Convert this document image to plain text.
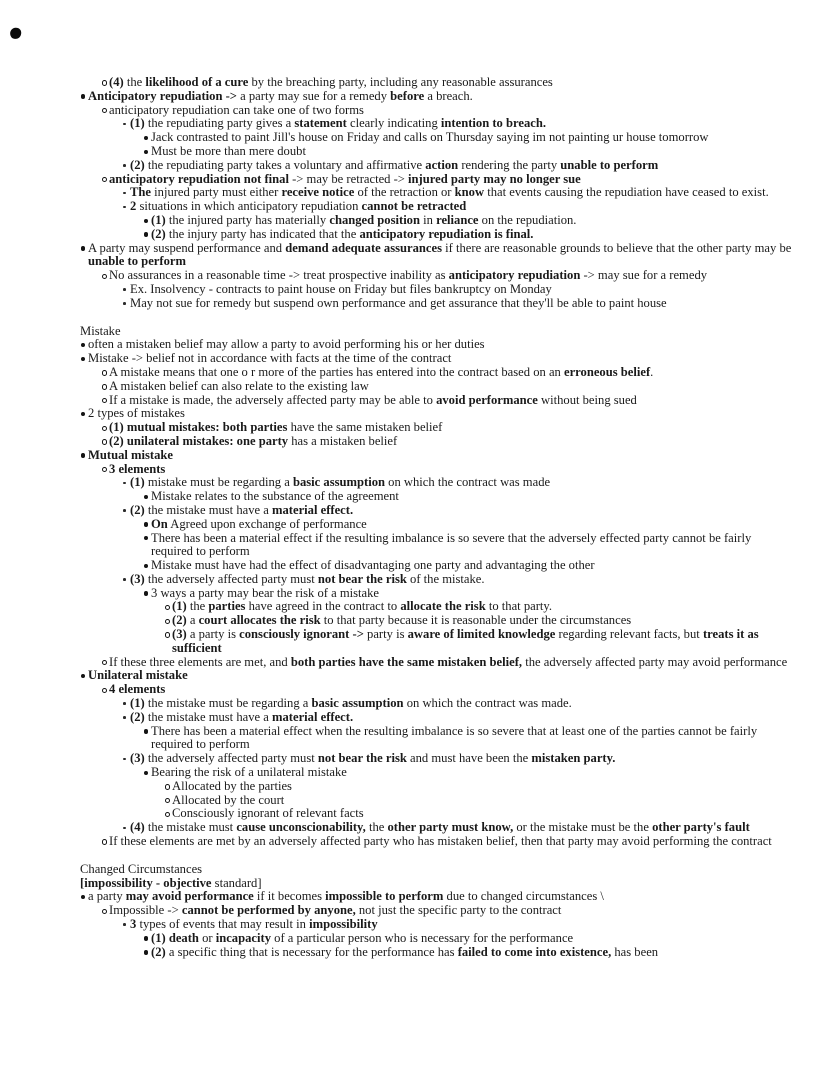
(4) the likelihood of a cure by the breaching party, including any reasonable assurances
Anticipatory repudiation -> a party may sue for a remedy before a breach.
anticipatory repudiation can take one of two forms
(1) the repudiating party gives a statement clearly indicating intention to breach.
Jack contrasted to paint Jill's house on Friday and calls on Thursday saying im not painting ur house tomorrow
Must be more than mere doubt
(2) the repudiating party takes a voluntary and affirmative action rendering the party unable to perform
anticipatory repudiation not final -> may be retracted -> injured party may no longer sue
The injured party must either receive notice of the retraction or know that events causing the repudiation have ceased to exist.
2 situations in which anticipatory repudiation cannot be retracted
(1) the injured party has materially changed position in reliance on the repudiation.
(2) the injury party has indicated that the anticipatory repudiation is final.
A party may suspend performance and demand adequate assurances if there are reasonable grounds to believe that the other party may be unable to perform
No assurances in a reasonable time -> treat prospective inability as anticipatory repudiation -> may sue for a remedy
Ex. Insolvency - contracts to paint house on Friday but files bankruptcy on Monday
May not sue for remedy but suspend own performance and get assurance that they'll be able to paint house
Mistake
often a mistaken belief may allow a party to avoid performing his or her duties
Mistake -> belief not in accordance with facts at the time of the contract
A mistake means that one o r more of the parties has entered into the contract based on an erroneous belief.
A mistaken belief can also relate to the existing law
If a mistake is made, the adversely affected party may be able to avoid performance without being sued
2 types of mistakes
(1) mutual mistakes: both parties have the same mistaken belief
(2) unilateral mistakes: one party has a mistaken belief
Mutual mistake
3 elements
(1) mistake must be regarding a basic assumption on which the contract was made
Mistake relates to the substance of the agreement
(2) the mistake must have a material effect.
On Agreed upon exchange of performance
There has been a material effect if the resulting imbalance is so severe that the adversely effected party cannot be fairly required to perform
Mistake must have had the effect of disadvantaging one party and advantaging the other
(3) the adversely affected party must not bear the risk of the mistake.
3 ways a party may bear the risk of a mistake
(1) the parties have agreed in the contract to allocate the risk to that party.
(2) a court allocates the risk to that party because it is reasonable under the circumstances
(3) a party is consciously ignorant -> party is aware of limited knowledge regarding relevant facts, but treats it as sufficient
If these three elements are met, and both parties have the same mistaken belief, the adversely affected party may avoid performance
Unilateral mistake
4 elements
(1) the mistake must be regarding a basic assumption on which the contract was made.
(2) the mistake must have a material effect.
There has been a material effect when the resulting imbalance is so severe that at least one of the parties cannot be fairly required to perform
(3) the adversely affected party must not bear the risk and must have been the mistaken party.
Bearing the risk of a unilateral mistake
Allocated by the parties
Allocated by the court
Consciously ignorant of relevant facts
(4) the mistake must cause unconscionability, the other party must know, or the mistake must be the other party's fault
If these elements are met by an adversely affected party who has mistaken belief, then that party may avoid performing the contract
Changed Circumstances
[impossibility - objective standard]
a party may avoid performance if it becomes impossible to perform due to changed circumstances \
Impossible -> cannot be performed by anyone, not just the specific party to the contract
3 types of events that may result in impossibility
(1) death or incapacity of a particular person who is necessary for the performance
(2) a specific thing that is necessary for the performance has failed to come into existence, has been
